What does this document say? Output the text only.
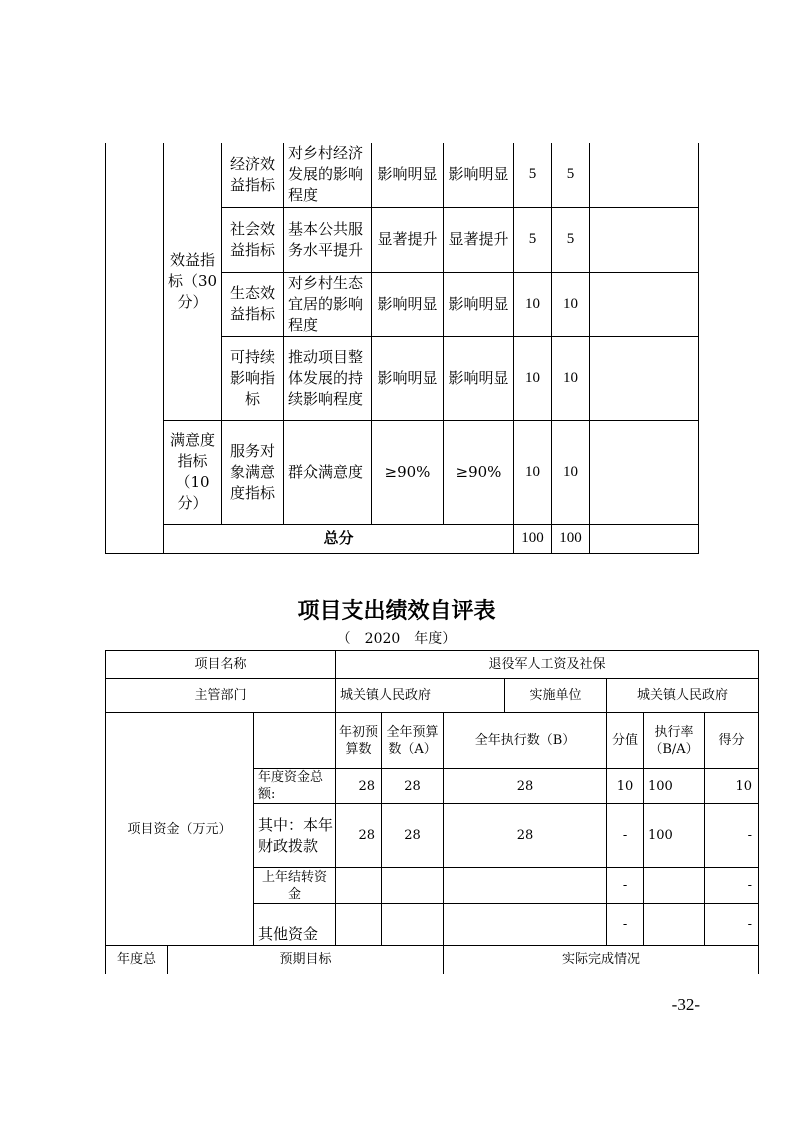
	效益指标（30分）	经济效益指标	对乡村经济发展的影响程度	影响明显	影响明显	5	5	
		社会效益指标	基本公共服务水平提升	显著提升	显著提升	5	5	
		生态效益指标	对乡村生态宜居的影响程度	影响明显	影响明显	10	10	
		可持续影响指标	推动项目整体发展的持续影响程度	影响明显	影响明显	10	10	
	满意度指标（10分）	服务对象满意度指标	群众满意度	≥90%	≥90%	10	10	
	总分					100	100	
项目支出绩效自评表
（　2020　年度）
项目名称			退役军人工资及社保						
主管部门			城关镇人民政府			实施单位	城关镇人民政府		
项目资金（万元）			年初预算数	全年预算数（A）	全年执行数（B）		分值	执行率（B/A）	得分
		年度资金总额:	28	28	28		10	100	10
		其中：本年财政拨款	28	28	28		-	100	-
		上年结转资金					-		-
		其他资金					-		-
年度总	预期目标				实际完成情况				
-32-
